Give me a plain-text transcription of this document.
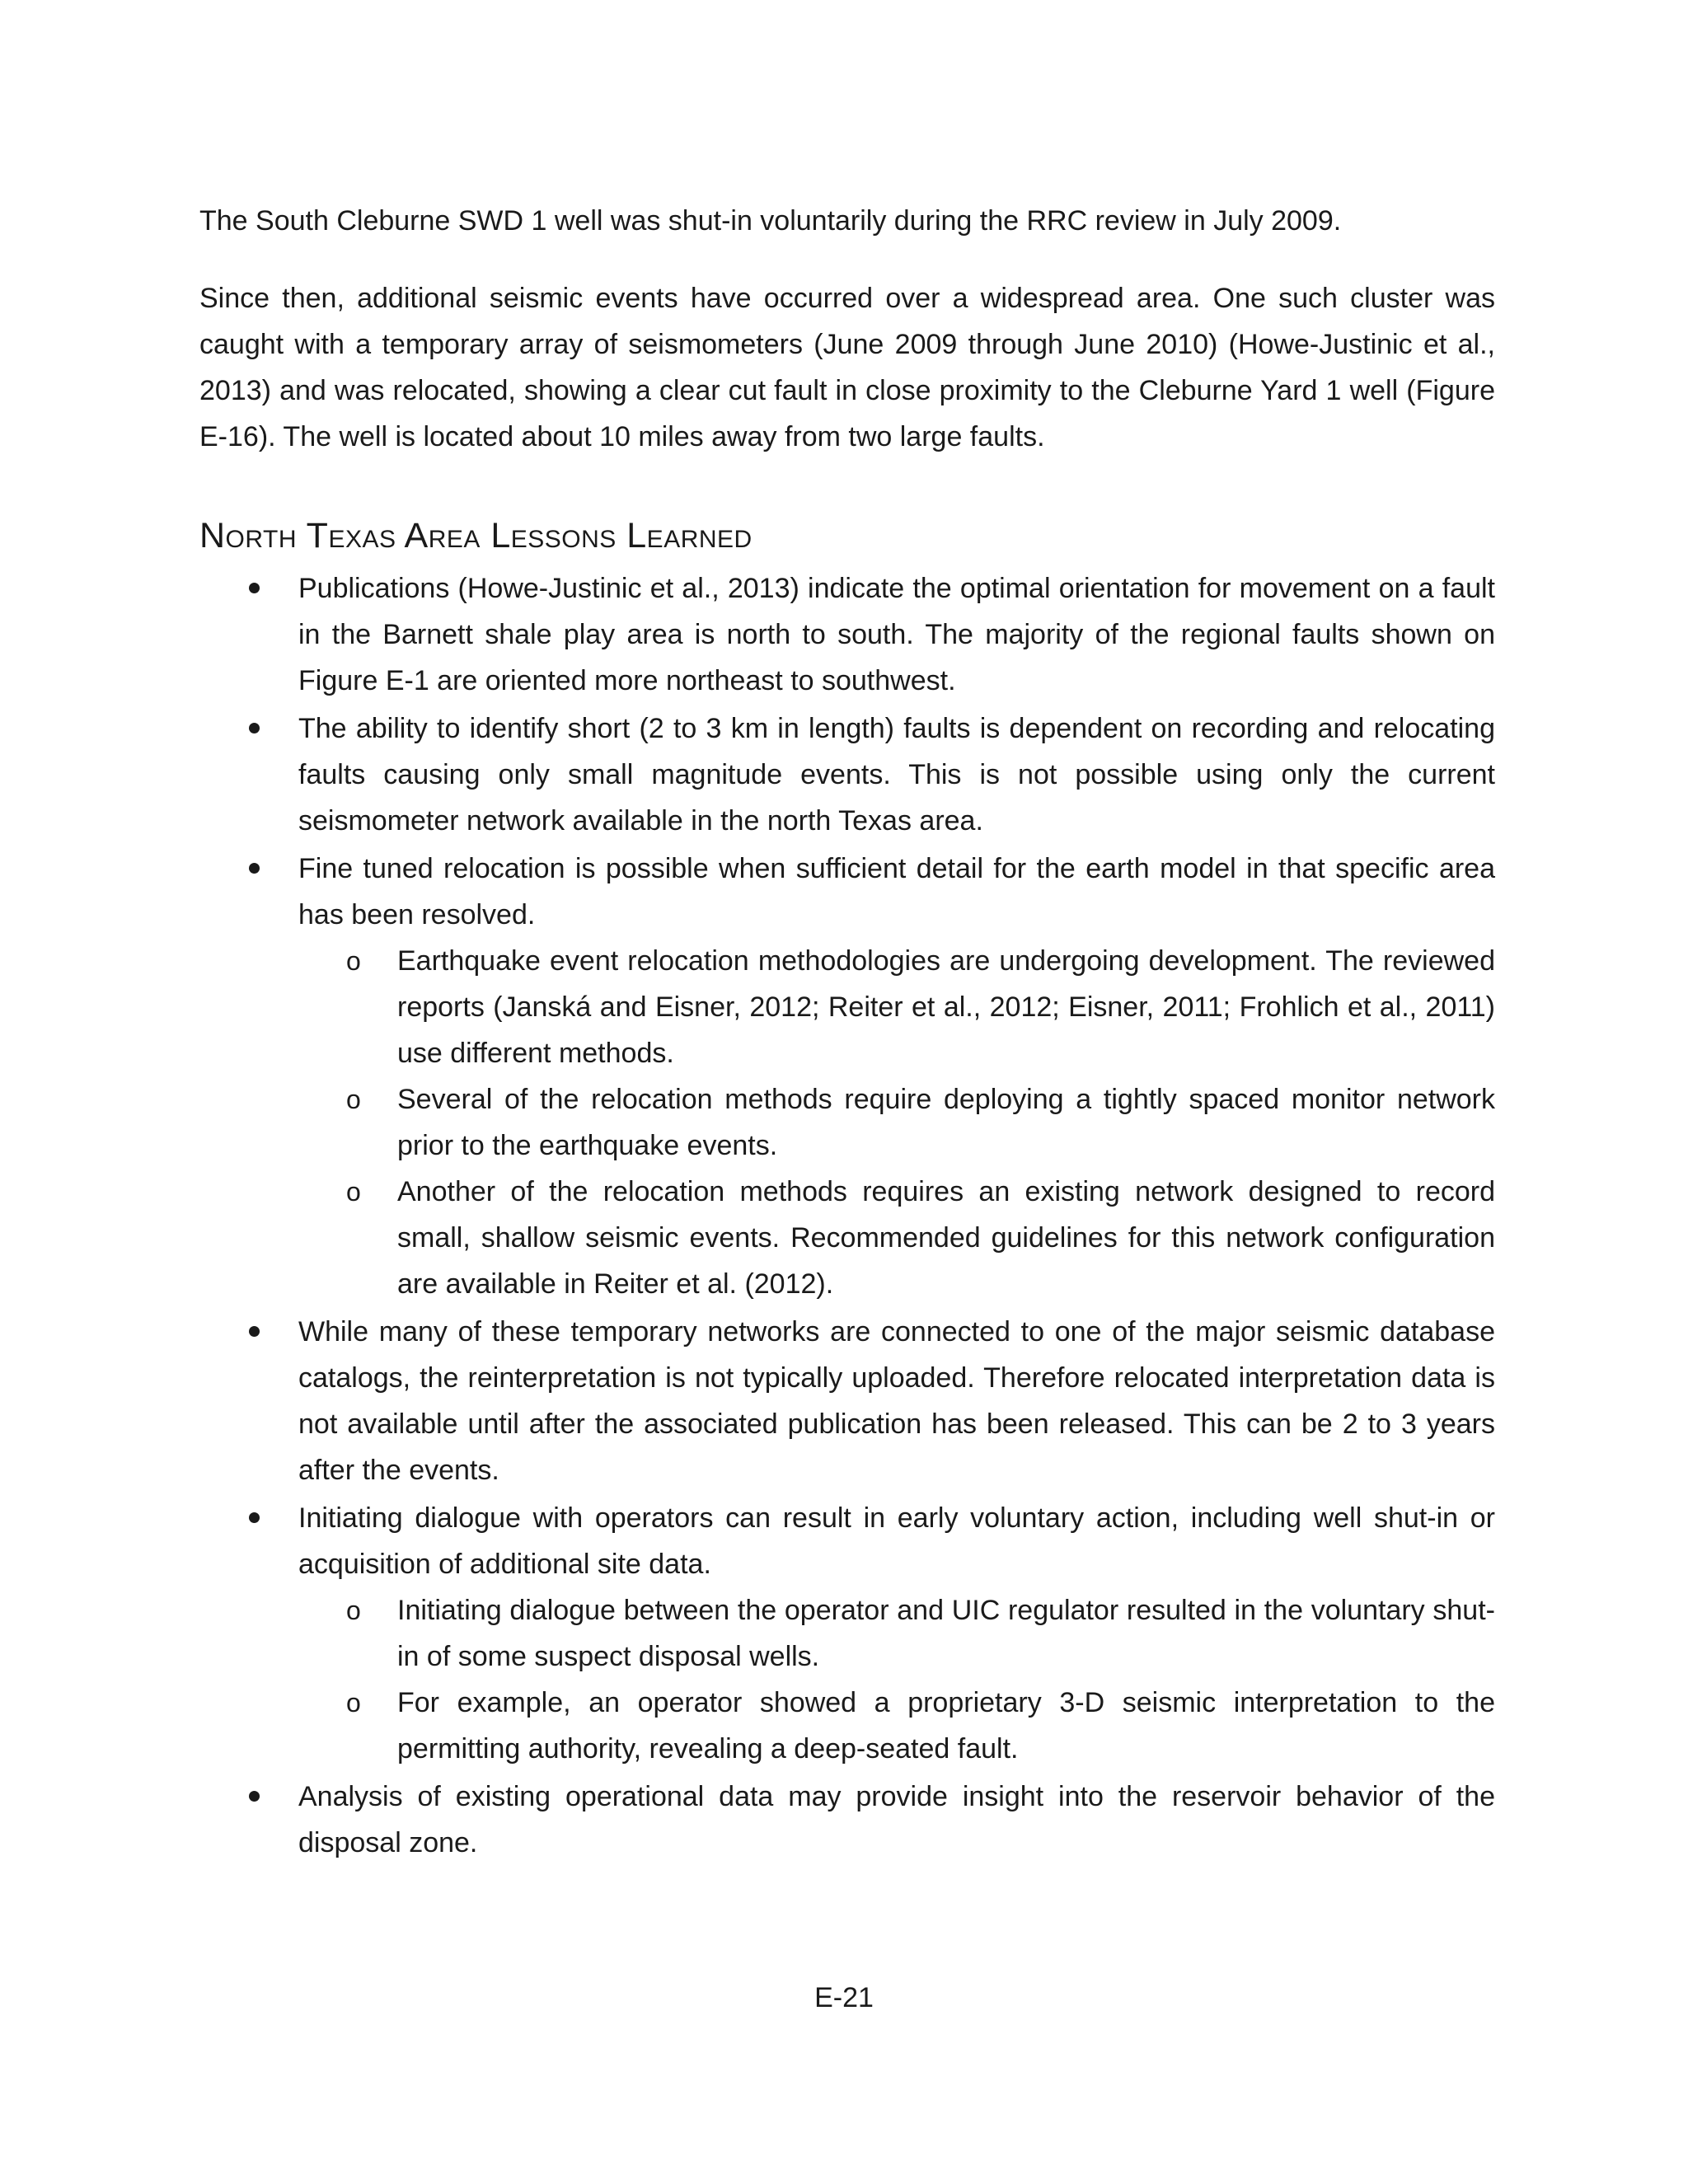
The South Cleburne SWD 1 well was shut-in voluntarily during the RRC review in July 2009.

Since then, additional seismic events have occurred over a widespread area. One such cluster was caught with a temporary array of seismometers (June 2009 through June 2010) (Howe-Justinic et al., 2013) and was relocated, showing a clear cut fault in close proximity to the Cleburne Yard 1 well (Figure E-16). The well is located about 10 miles away from two large faults.

North Texas Area Lessons Learned
Publications (Howe-Justinic et al., 2013) indicate the optimal orientation for movement on a fault in the Barnett shale play area is north to south. The majority of the regional faults shown on Figure E-1 are oriented more northeast to southwest.
The ability to identify short (2 to 3 km in length) faults is dependent on recording and relocating faults causing only small magnitude events. This is not possible using only the current seismometer network available in the north Texas area.
Fine tuned relocation is possible when sufficient detail for the earth model in that specific area has been resolved.
o Earthquake event relocation methodologies are undergoing development. The reviewed reports (Janská and Eisner, 2012; Reiter et al., 2012; Eisner, 2011; Frohlich et al., 2011) use different methods.
o Several of the relocation methods require deploying a tightly spaced monitor network prior to the earthquake events.
o Another of the relocation methods requires an existing network designed to record small, shallow seismic events. Recommended guidelines for this network configuration are available in Reiter et al. (2012).
While many of these temporary networks are connected to one of the major seismic database catalogs, the reinterpretation is not typically uploaded. Therefore relocated interpretation data is not available until after the associated publication has been released. This can be 2 to 3 years after the events.
Initiating dialogue with operators can result in early voluntary action, including well shut-in or acquisition of additional site data.
o Initiating dialogue between the operator and UIC regulator resulted in the voluntary shut-in of some suspect disposal wells.
o For example, an operator showed a proprietary 3-D seismic interpretation to the permitting authority, revealing a deep-seated fault.
Analysis of existing operational data may provide insight into the reservoir behavior of the disposal zone.
E-21
